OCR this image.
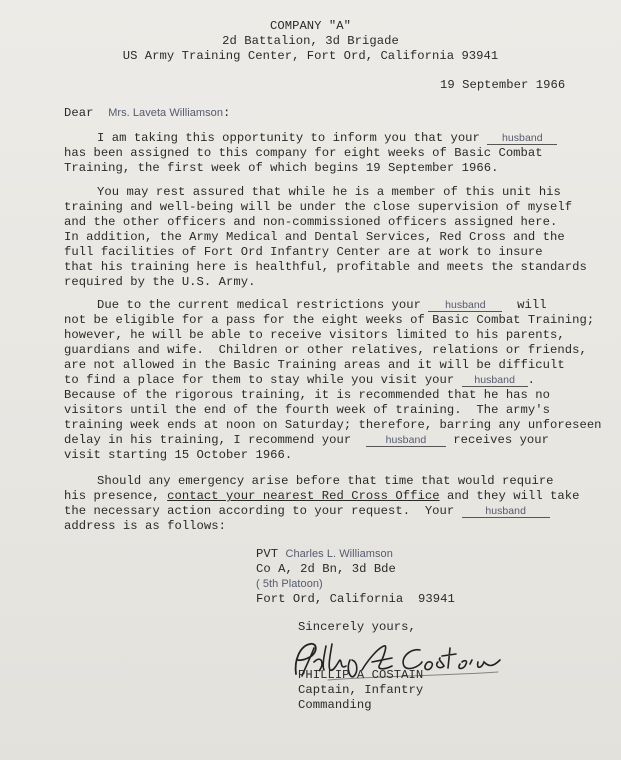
COMPANY "A"
2d Battalion, 3d Brigade
US Army Training Center, Fort Ord, California 93941
19 September 1966
Dear Mrs. Laveta Williamson:
I am taking this opportunity to inform you that your husband
has been assigned to this company for eight weeks of Basic Combat
Training, the first week of which begins 19 September 1966.
You may rest assured that while he is a member of this unit his
training and well-being will be under the close supervision of myself
and the other officers and non-commissioned officers assigned here.
In addition, the Army Medical and Dental Services, Red Cross and the
full facilities of Fort Ord Infantry Center are at work to insure
that his training here is healthful, profitable and meets the standards
required by the U.S. Army.
Due to the current medical restrictions your husband	will
not be eligible for a pass for the eight weeks of Basic Combat Training;
however, he will be able to receive visitors limited to his parents,
guardians and wife.  Children or other relatives, relations or friends,
are not allowed in the Basic Training areas and it will be difficult
to find a place for them to stay while you visit your husband .
Because of the rigorous training, it is recommended that he has no
visitors until the end of the fourth week of training.  The army's
training week ends at noon on Saturday; therefore, barring any unforeseen
delay in his training, I recommend your	husband receives your
visit starting 15 October 1966.
Should any emergency arise before that time that would require
his presence, contact your nearest Red Cross Office and they will take
the necessary action according to your request.  Your	husband
address is as follows:
PVT Charles L. Williamson
Co A, 2d Bn, 3d Bde
( 5th Platoon)
Fort Ord, California  93941
Sincerely yours,
PHILLIP A COSTAIN
Captain, Infantry
Commanding
